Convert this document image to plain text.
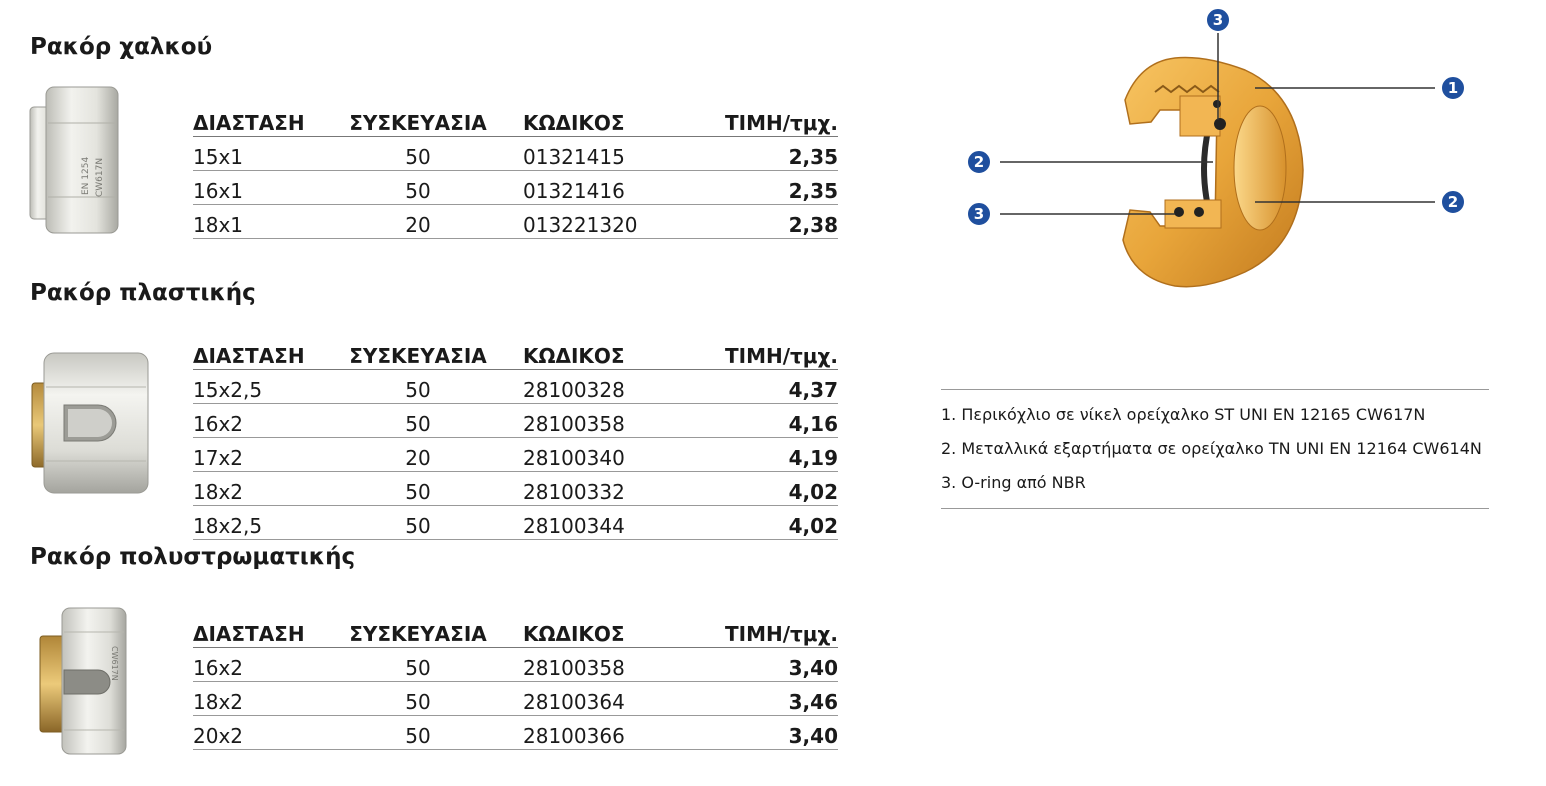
Ρακόρ χαλκού
EN 1254 CW617N
ΔΙΑΣΤΑΣΗ	ΣΥΣΚΕΥΑΣΙΑ	ΚΩΔΙΚΟΣ	ΤΙΜΗ/τμχ.
15x1	50	01321415	2,35
16x1	50	01321416	2,35
18x1	20	013221320	2,38
Ρακόρ πλαστικής
ΔΙΑΣΤΑΣΗ	ΣΥΣΚΕΥΑΣΙΑ	ΚΩΔΙΚΟΣ	ΤΙΜΗ/τμχ.
15x2,5	50	28100328	4,37
16x2	50	28100358	4,16
17x2	20	28100340	4,19
18x2	50	28100332	4,02
18x2,5	50	28100344	4,02
Ρακόρ πολυστρωματικής
CW617N
ΔΙΑΣΤΑΣΗ	ΣΥΣΚΕΥΑΣΙΑ	ΚΩΔΙΚΟΣ	ΤΙΜΗ/τμχ.
16x2	50	28100358	3,40
18x2	50	28100364	3,46
20x2	50	28100366	3,40
3
1
2
2
3
1. Περικόχλιο σε νίκελ ορείχαλκο ST UNI EN 12165 CW617N
2. Μεταλλικά εξαρτήματα σε ορείχαλκο TN UNI EN 12164 CW614N
3. O-ring από NBR
